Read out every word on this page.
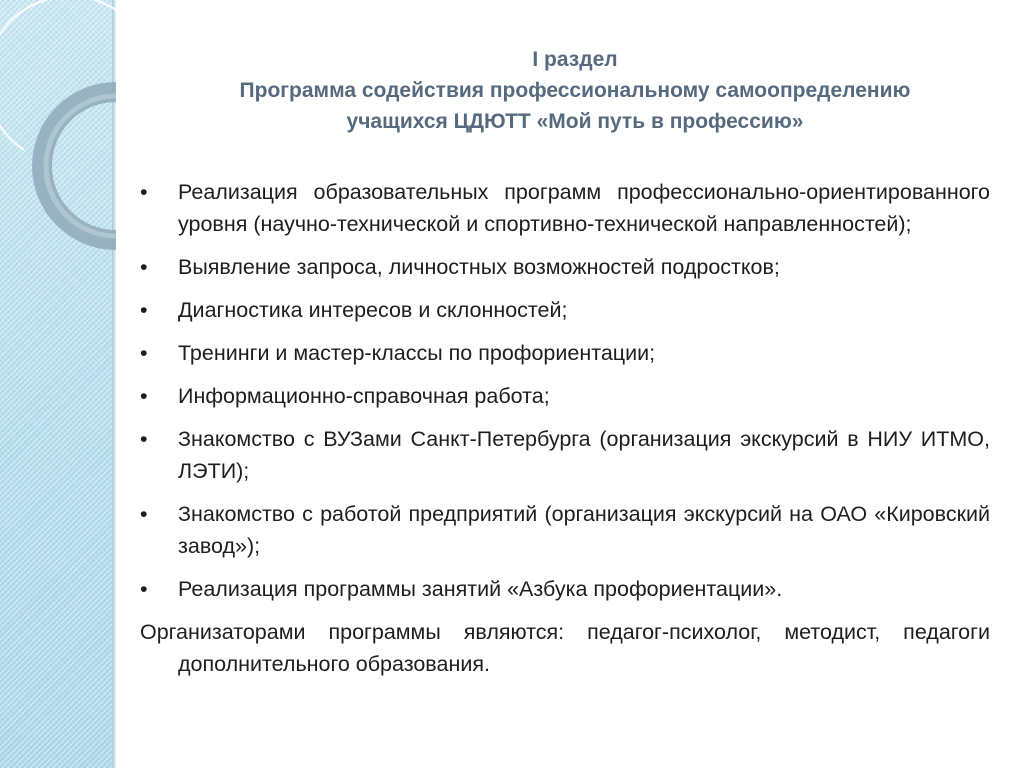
I раздел
Программа содействия профессиональному самоопределению
учащихся ЦДЮТТ «Мой путь в профессию»
•	Реализация образовательных программ профессионально-ориентированного уровня (научно-технической и спортивно-технической направленностей);
•	Выявление запроса, личностных возможностей подростков;
•	Диагностика интересов и склонностей;
•	Тренинги и мастер-классы по профориентации;
•	Информационно-справочная работа;
•	Знакомство с ВУЗами Санкт-Петербурга (организация экскурсий в НИУ ИТМО, ЛЭТИ);
•	Знакомство с работой предприятий (организация экскурсий на ОАО «Кировский завод»);
•	Реализация программы занятий «Азбука профориентации».

Организаторами программы являются: педагог-психолог, методист, педагоги дополнительного образования.
